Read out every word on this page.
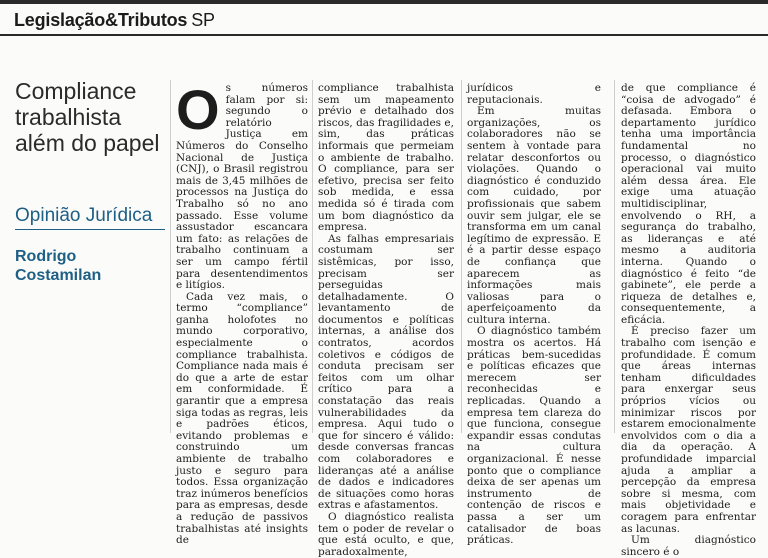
Legislação&Tributos SP
Compliance trabalhista além do papel
Opinião Jurídica
Rodrigo Costamilan

Os números falam por si: segundo o relatório Justiça em Números do Conselho Nacional de Justiça (CNJ), o Brasil registrou mais de 3,45 milhões de processos na Justiça do Trabalho só no ano passado. Esse volume assustador escancara um fato: as relações de trabalho continuam a ser um campo fértil para desentendimentos e litígios.

Cada vez mais, o termo “compliance” ganha holofotes no mundo corporativo, especialmente o compliance trabalhista. Compliance nada mais é do que a arte de estar em conformidade. É garantir que a empresa siga todas as regras, leis e padrões éticos, evitando problemas e construindo um ambiente de trabalho justo e seguro para todos. Essa organização traz inúmeros benefícios para as empresas, desde a redução de passivos trabalhistas até insights de

compliance trabalhista sem um mapeamento prévio e detalhado dos riscos, das fragilidades e, sim, das práticas informais que permeiam o ambiente de trabalho. O compliance, para ser efetivo, precisa ser feito sob medida, e essa medida só é tirada com um bom diagnóstico da empresa.

As falhas empresariais costumam ser sistêmicas, por isso, precisam ser perseguidas detalhadamente. O levantamento de documentos e políticas internas, a análise dos contratos, acordos coletivos e códigos de conduta precisam ser feitos com um olhar crítico para a constatação das reais vulnerabilidades da empresa. Aqui tudo o que for sincero é válido: desde conversas francas com colaboradores e lideranças até a análise de dados e indicadores de situações como horas extras e afastamentos.

O diagnóstico realista tem o poder de revelar o que está oculto, e que, paradoxalmente,

jurídicos e reputacionais.

Em muitas organizações, os colaboradores não se sentem à vontade para relatar desconfortos ou violações. Quando o diagnóstico é conduzido com cuidado, por profissionais que sabem ouvir sem julgar, ele se transforma em um canal legítimo de expressão. E é a partir desse espaço de confiança que aparecem as informações mais valiosas para o aperfeiçoamento da cultura interna.

O diagnóstico também mostra os acertos. Há práticas bem-sucedidas e políticas eficazes que merecem ser reconhecidas e replicadas. Quando a empresa tem clareza do que funciona, consegue expandir essas condutas na cultura organizacional. É nesse ponto que o compliance deixa de ser apenas um instrumento de contenção de riscos e passa a ser um catalisador de boas práticas.

de que compliance é “coisa de advogado” é defasada. Embora o departamento jurídico tenha uma importância fundamental no processo, o diagnóstico operacional vai muito além dessa área. Ele exige uma atuação multidisciplinar, envolvendo o RH, a segurança do trabalho, as lideranças e até mesmo a auditoria interna. Quando o diagnóstico é feito “de gabinete”, ele perde a riqueza de detalhes e, consequentemente, a eficácia.

É preciso fazer um trabalho com isenção e profundidade. É comum que áreas internas tenham dificuldades para enxergar seus próprios vícios ou minimizar riscos por estarem emocionalmente envolvidos com o dia a dia da operação. A profundidade imparcial ajuda a ampliar a percepção da empresa sobre si mesma, com mais objetividade e coragem para enfrentar as lacunas.

Um diagnóstico sincero é o
